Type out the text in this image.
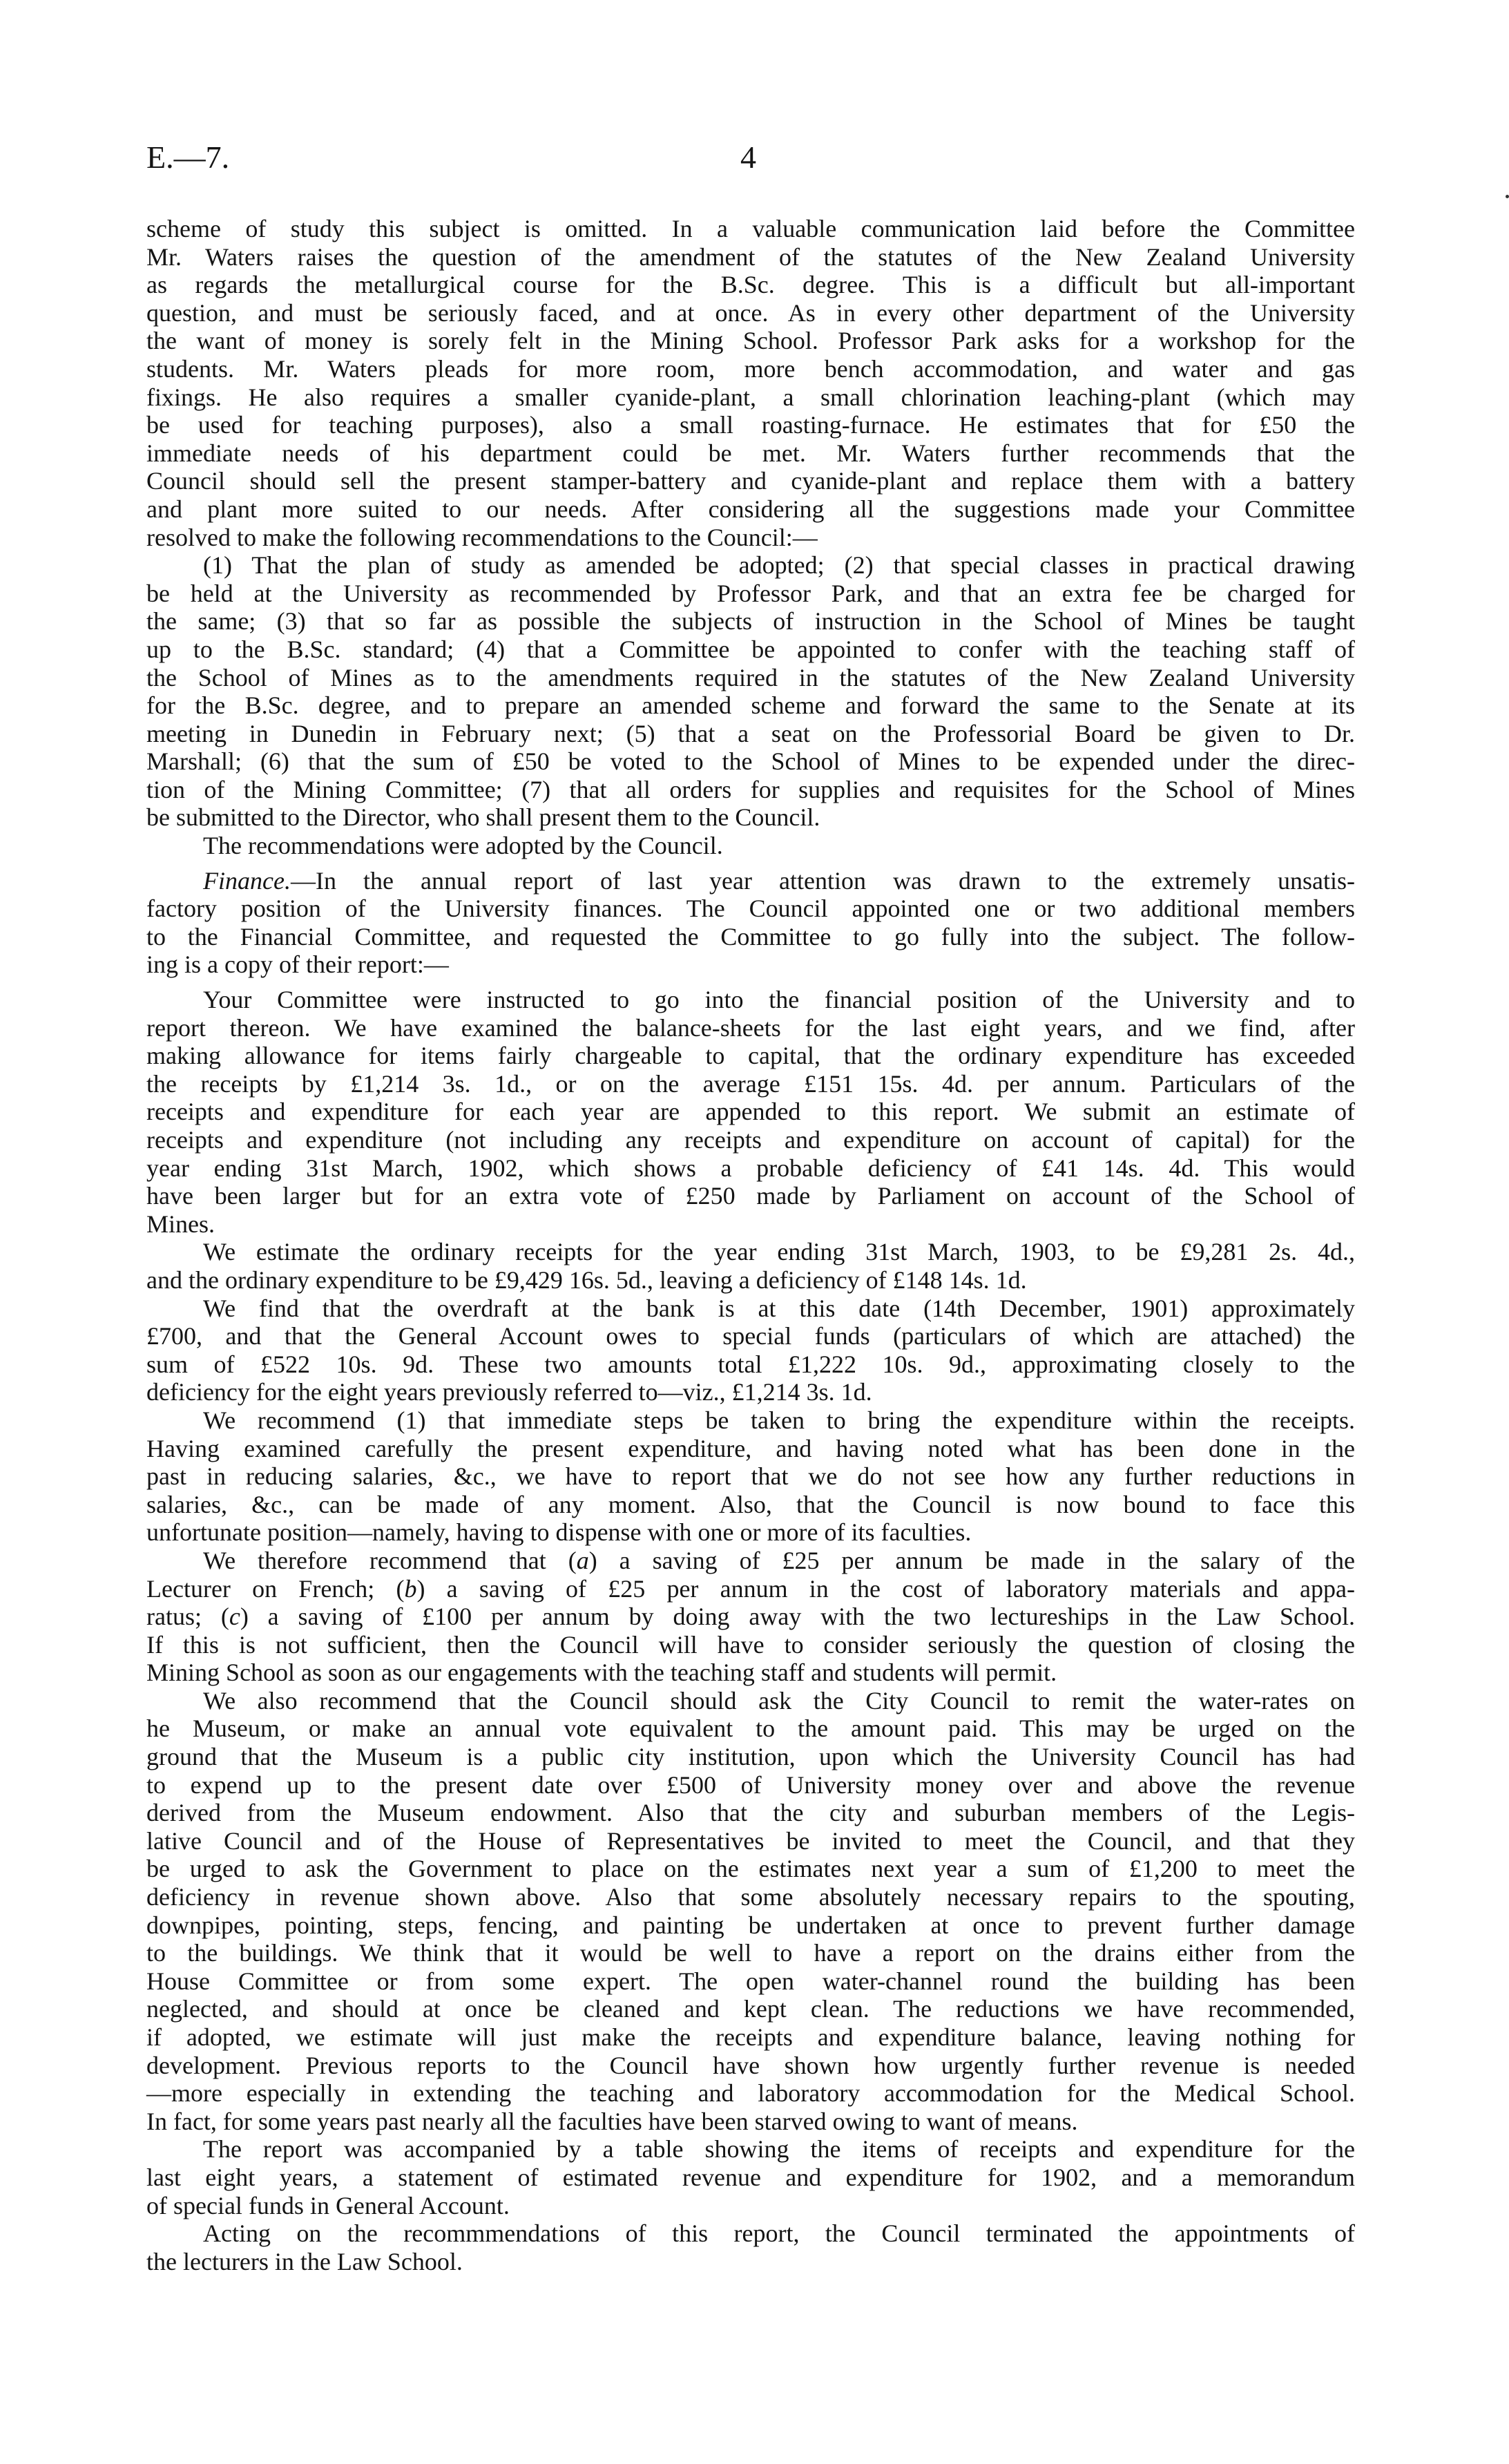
E.—7.	4
scheme of study this subject is omitted. In a valuable communication laid before the Committee
Mr. Waters raises the question of the amendment of the statutes of the New Zealand University
as regards the metallurgical course for the B.Sc. degree. This is a difficult but all-important
question, and must be seriously faced, and at once. As in every other department of the University
the want of money is sorely felt in the Mining School. Professor Park asks for a workshop for the
students. Mr. Waters pleads for more room, more bench accommodation, and water and gas
fixings. He also requires a smaller cyanide-plant, a small chlorination leaching-plant (which may
be used for teaching purposes), also a small roasting-furnace. He estimates that for £50 the
immediate needs of his department could be met. Mr. Waters further recommends that the
Council should sell the present stamper-battery and cyanide-plant and replace them with a battery
and plant more suited to our needs. After considering all the suggestions made your Committee
resolved to make the following recommendations to the Council:—
(1) That the plan of study as amended be adopted; (2) that special classes in practical drawing
be held at the University as recommended by Professor Park, and that an extra fee be charged for
the same; (3) that so far as possible the subjects of instruction in the School of Mines be taught
up to the B.Sc. standard; (4) that a Committee be appointed to confer with the teaching staff of
the School of Mines as to the amendments required in the statutes of the New Zealand University
for the B.Sc. degree, and to prepare an amended scheme and forward the same to the Senate at its
meeting in Dunedin in February next; (5) that a seat on the Professorial Board be given to Dr.
Marshall; (6) that the sum of £50 be voted to the School of Mines to be expended under the direc-
tion of the Mining Committee; (7) that all orders for supplies and requisites for the School of Mines
be submitted to the Director, who shall present them to the Council.
The recommendations were adopted by the Council.
Finance.—In the annual report of last year attention was drawn to the extremely unsatis-
factory position of the University finances. The Council appointed one or two additional members
to the Financial Committee, and requested the Committee to go fully into the subject. The follow-
ing is a copy of their report:—
Your Committee were instructed to go into the financial position of the University and to
report thereon. We have examined the balance-sheets for the last eight years, and we find, after
making allowance for items fairly chargeable to capital, that the ordinary expenditure has exceeded
the receipts by £1,214 3s. 1d., or on the average £151 15s. 4d. per annum. Particulars of the
receipts and expenditure for each year are appended to this report. We submit an estimate of
receipts and expenditure (not including any receipts and expenditure on account of capital) for the
year ending 31st March, 1902, which shows a probable deficiency of £41 14s. 4d. This would
have been larger but for an extra vote of £250 made by Parliament on account of the School of
Mines.
We estimate the ordinary receipts for the year ending 31st March, 1903, to be £9,281 2s. 4d.,
and the ordinary expenditure to be £9,429 16s. 5d., leaving a deficiency of £148 14s. 1d.
We find that the overdraft at the bank is at this date (14th December, 1901) approximately
£700, and that the General Account owes to special funds (particulars of which are attached) the
sum of £522 10s. 9d. These two amounts total £1,222 10s. 9d., approximating closely to the
deficiency for the eight years previously referred to—viz., £1,214 3s. 1d.
We recommend (1) that immediate steps be taken to bring the expenditure within the receipts.
Having examined carefully the present expenditure, and having noted what has been done in the
past in reducing salaries, &c., we have to report that we do not see how any further reductions in
salaries, &c., can be made of any moment. Also, that the Council is now bound to face this
unfortunate position—namely, having to dispense with one or more of its faculties.
We therefore recommend that (a) a saving of £25 per annum be made in the salary of the
Lecturer on French; (b) a saving of £25 per annum in the cost of laboratory materials and appa-
ratus; (c) a saving of £100 per annum by doing away with the two lectureships in the Law School.
If this is not sufficient, then the Council will have to consider seriously the question of closing the
Mining School as soon as our engagements with the teaching staff and students will permit.
We also recommend that the Council should ask the City Council to remit the water-rates on
he Museum, or make an annual vote equivalent to the amount paid. This may be urged on the
ground that the Museum is a public city institution, upon which the University Council has had
to expend up to the present date over £500 of University money over and above the revenue
derived from the Museum endowment. Also that the city and suburban members of the Legis-
lative Council and of the House of Representatives be invited to meet the Council, and that they
be urged to ask the Government to place on the estimates next year a sum of £1,200 to meet the
deficiency in revenue shown above. Also that some absolutely necessary repairs to the spouting,
downpipes, pointing, steps, fencing, and painting be undertaken at once to prevent further damage
to the buildings. We think that it would be well to have a report on the drains either from the
House Committee or from some expert. The open water-channel round the building has been
neglected, and should at once be cleaned and kept clean. The reductions we have recommended,
if adopted, we estimate will just make the receipts and expenditure balance, leaving nothing for
development. Previous reports to the Council have shown how urgently further revenue is needed
—more especially in extending the teaching and laboratory accommodation for the Medical School.
In fact, for some years past nearly all the faculties have been starved owing to want of means.
The report was accompanied by a table showing the items of receipts and expenditure for the
last eight years, a statement of estimated revenue and expenditure for 1902, and a memorandum
of special funds in General Account.
Acting on the recommmendations of this report, the Council terminated the appointments of
the lecturers in the Law School.
